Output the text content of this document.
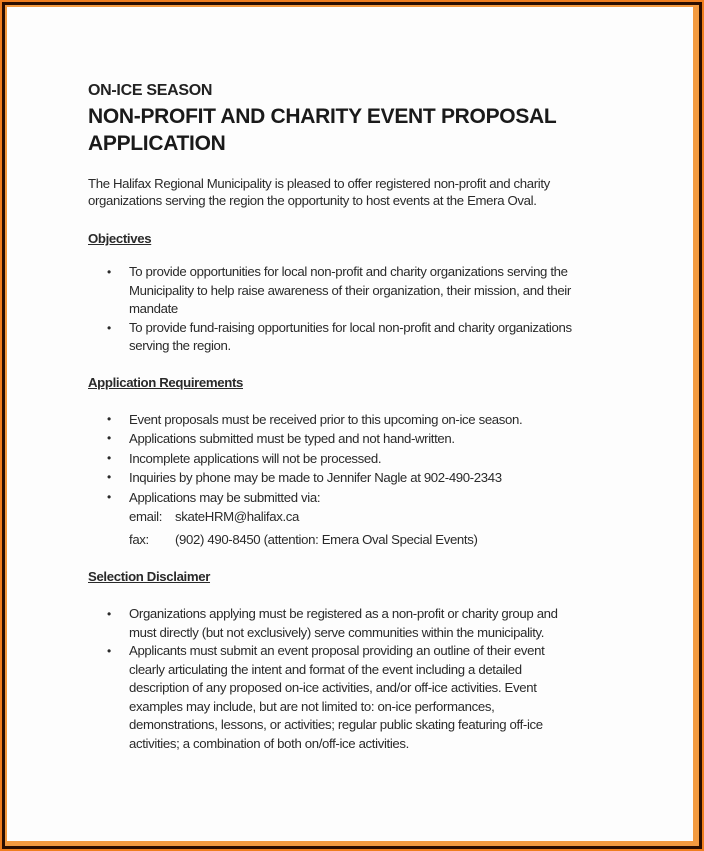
ON-ICE SEASON

NON-PROFIT AND CHARITY EVENT PROPOSAL
APPLICATION

The Halifax Regional Municipality is pleased to offer registered non-profit and charity
organizations serving the region the opportunity to host events at the Emera Oval.

Objectives
• To provide opportunities for local non-profit and charity organizations serving the
Municipality to help raise awareness of their organization, their mission, and their
mandate
• To provide fund-raising opportunities for local non-profit and charity organizations
serving the region.
Application Requirements
• Event proposals must be received prior to this upcoming on-ice season.
• Applications submitted must be typed and not hand-written.
• Incomplete applications will not be processed.
• Inquiries by phone may be made to Jennifer Nagle at 902-490-2343
• Applications may be submitted via:
email: skateHRM@halifax.ca
fax: (902) 490-8450 (attention: Emera Oval Special Events)
Selection Disclaimer
• Organizations applying must be registered as a non-profit or charity group and
must directly (but not exclusively) serve communities within the municipality.
• Applicants must submit an event proposal providing an outline of their event
clearly articulating the intent and format of the event including a detailed
description of any proposed on-ice activities, and/or off-ice activities. Event
examples may include, but are not limited to: on-ice performances,
demonstrations, lessons, or activities; regular public skating featuring off-ice
activities; a combination of both on/off-ice activities.
